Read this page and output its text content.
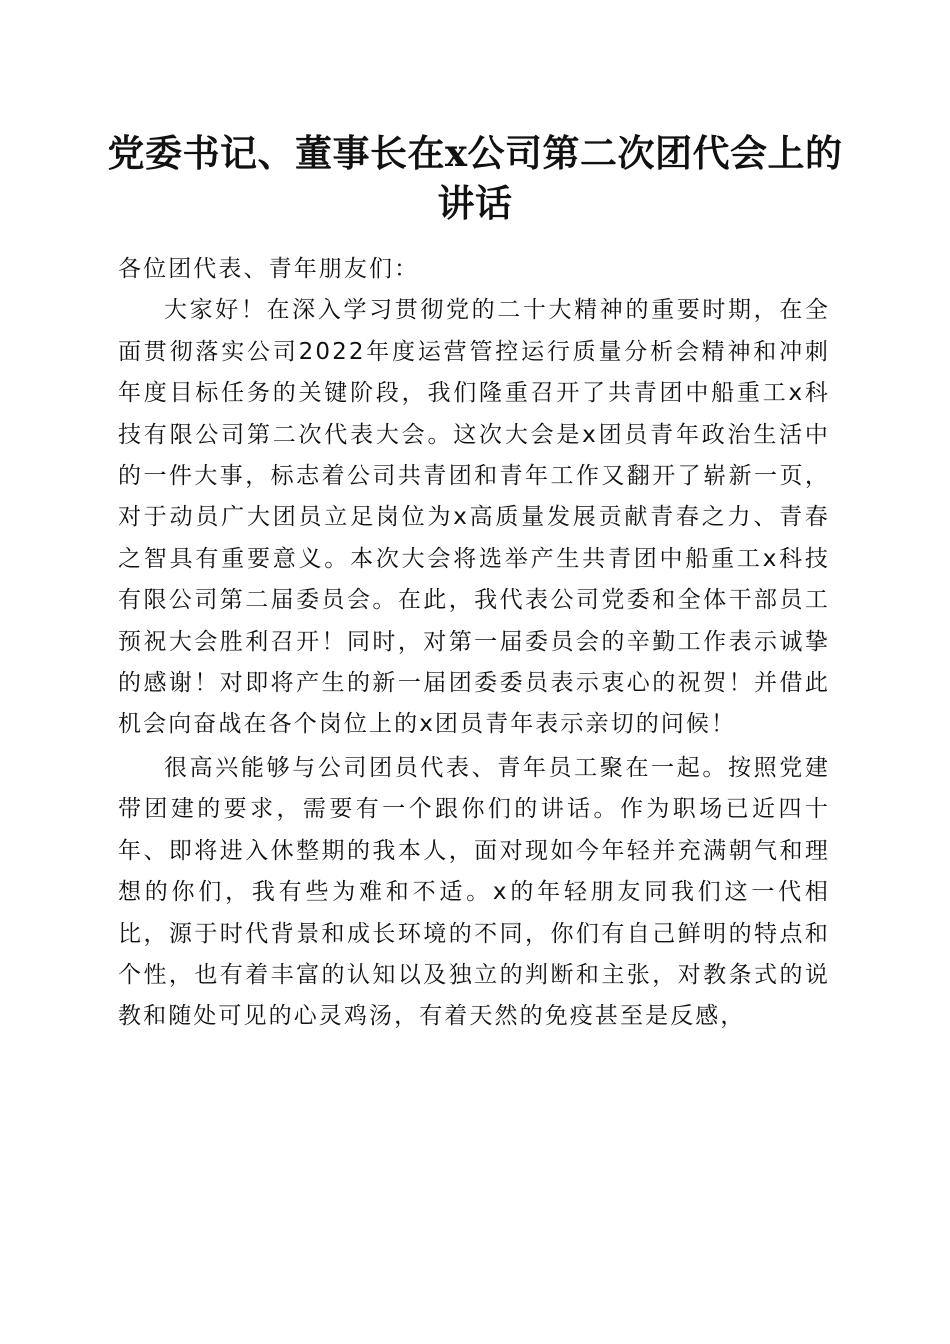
党委书记、董事长在x公司第二次团代会上的
讲话

各位团代表、青年朋友们：

大家好！在深入学习贯彻党的二十大精神的重要时期，在全面贯彻落实公司2022年度运营管控运行质量分析会精神和冲刺年度目标任务的关键阶段，我们隆重召开了共青团中船重工x科技有限公司第二次代表大会。这次大会是x团员青年政治生活中的一件大事，标志着公司共青团和青年工作又翻开了崭新一页，对于动员广大团员立足岗位为x高质量发展贡献青春之力、青春之智具有重要意义。本次大会将选举产生共青团中船重工x科技有限公司第二届委员会。在此，我代表公司党委和全体干部员工预祝大会胜利召开！同时，对第一届委员会的辛勤工作表示诚挚的感谢！对即将产生的新一届团委委员表示衷心的祝贺！并借此机会向奋战在各个岗位上的x团员青年表示亲切的问候！

很高兴能够与公司团员代表、青年员工聚在一起。按照党建带团建的要求，需要有一个跟你们的讲话。作为职场已近四十年、即将进入休整期的我本人，面对现如今年轻并充满朝气和理想的你们，我有些为难和不适。x的年轻朋友同我们这一代相比，源于时代背景和成长环境的不同，你们有自己鲜明的特点和个性，也有着丰富的认知以及独立的判断和主张，对教条式的说教和随处可见的心灵鸡汤，有着天然的免疫甚至是反感，
